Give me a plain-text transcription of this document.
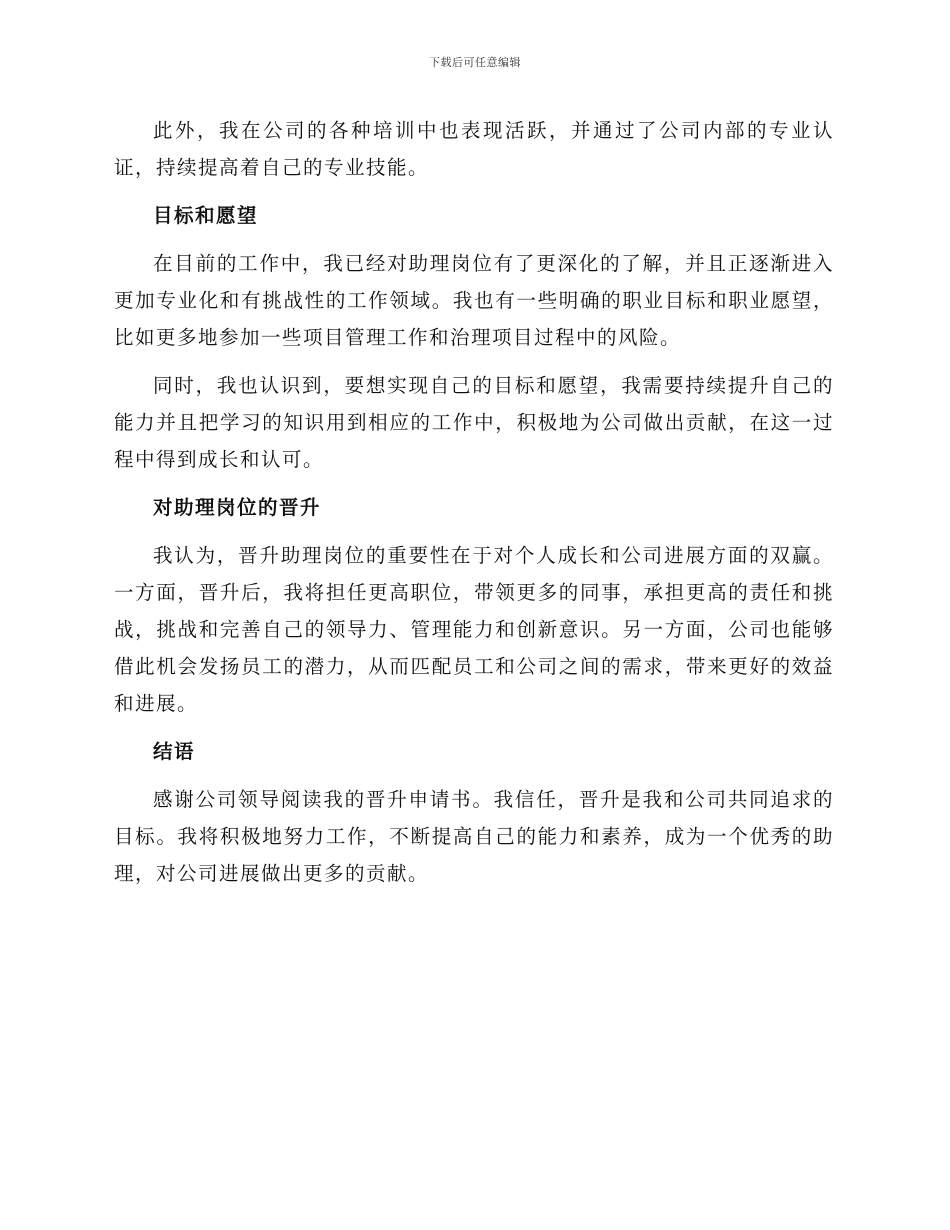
下载后可任意编辑

此外，我在公司的各种培训中也表现活跃，并通过了公司内部的专业认证，持续提高着自己的专业技能。

目标和愿望

在目前的工作中，我已经对助理岗位有了更深化的了解，并且正逐渐进入更加专业化和有挑战性的工作领域。我也有一些明确的职业目标和职业愿望，比如更多地参加一些项目管理工作和治理项目过程中的风险。

同时，我也认识到，要想实现自己的目标和愿望，我需要持续提升自己的能力并且把学习的知识用到相应的工作中，积极地为公司做出贡献，在这一过程中得到成长和认可。

对助理岗位的晋升

我认为，晋升助理岗位的重要性在于对个人成长和公司进展方面的双赢。一方面，晋升后，我将担任更高职位，带领更多的同事，承担更高的责任和挑战，挑战和完善自己的领导力、管理能力和创新意识。另一方面，公司也能够借此机会发扬员工的潜力，从而匹配员工和公司之间的需求，带来更好的效益和进展。

结语

感谢公司领导阅读我的晋升申请书。我信任，晋升是我和公司共同追求的目标。我将积极地努力工作，不断提高自己的能力和素养，成为一个优秀的助理，对公司进展做出更多的贡献。
